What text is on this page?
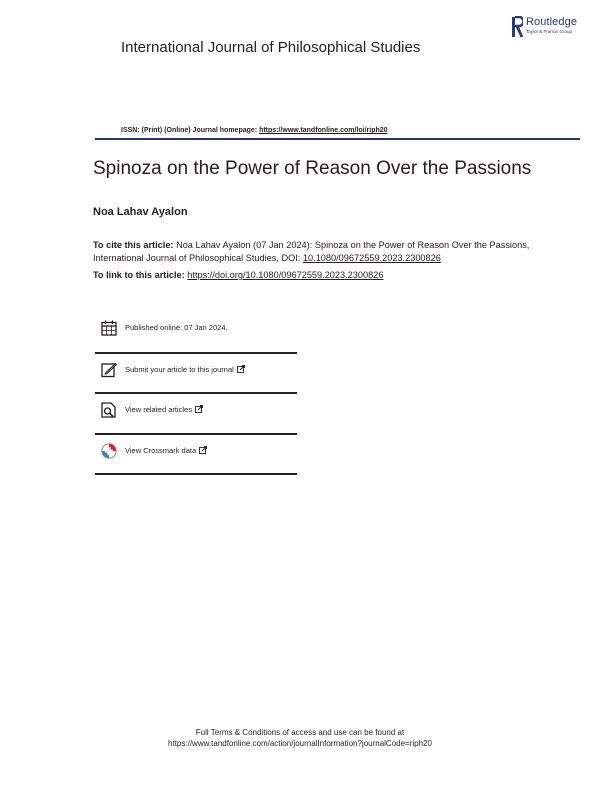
Routledge
Taylor & Francis Group
International Journal of Philosophical Studies
ISSN: (Print) (Online) Journal homepage: https://www.tandfonline.com/loi/riph20
Spinoza on the Power of Reason Over the Passions
Noa Lahav Ayalon
To cite this article: Noa Lahav Ayalon (07 Jan 2024): Spinoza on the Power of Reason Over the Passions, International Journal of Philosophical Studies, DOI: 10.1080/09672559.2023.2300826
To link to this article: https://doi.org/10.1080/09672559.2023.2300826
Published online: 07 Jan 2024.
Submit your article to this journal
View related articles
View Crossmark data
Full Terms & Conditions of access and use can be found at
https://www.tandfonline.com/action/journalInformation?journalCode=riph20
